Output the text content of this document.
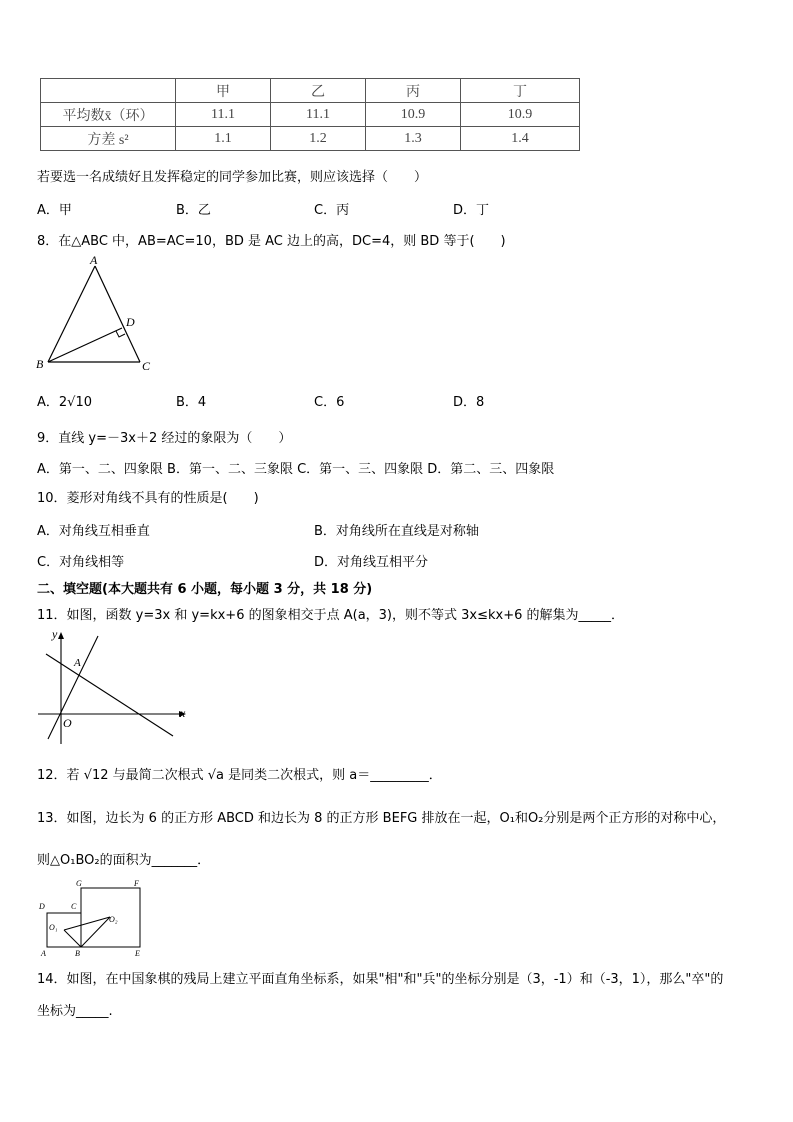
	甲	乙	丙	丁
平均数x̄（环）	11.1	11.1	10.9	10.9
方差 s²	1.1	1.2	1.3	1.4
若要选一名成绩好且发挥稳定的同学参加比赛，则应该选择（　　）
A．甲	B．乙	C．丙	D．丁
8．在△ABC 中，AB=AC=10，BD 是 AC 边上的高，DC=4，则 BD 等于(　　)
A
B	C
D
A．2√10	B．4	C．6	D．8
9．直线 y=－3x＋2 经过的象限为（　　）
A．第一、二、四象限 B．第一、二、三象限 C．第一、三、四象限 D．第二、三、四象限
10．菱形对角线不具有的性质是(　　)
A．对角线互相垂直	B．对角线所在直线是对称轴
C．对角线相等	D．对角线互相平分
二、填空题(本大题共有 6 小题，每小题 3 分，共 18 分)
11．如图，函数 y=3x 和 y=kx+6 的图象相交于点 A(a，3)，则不等式 3x≤kx+6 的解集为_____．
y
x
O
A
12．若 √12 与最简二次根式 √a 是同类二次根式，则 a＝_________．
13．如图，边长为 6 的正方形 ABCD 和边长为 8 的正方形 BEFG 排放在一起，O₁和O₂分别是两个正方形的对称中心，
则△O₁BO₂的面积为_______．
G	F
D	C
O₁
O₂
A	B	E
14．如图，在中国象棋的残局上建立平面直角坐标系，如果"相"和"兵"的坐标分别是（3，-1）和（-3，1），那么"卒"的
坐标为_____.
